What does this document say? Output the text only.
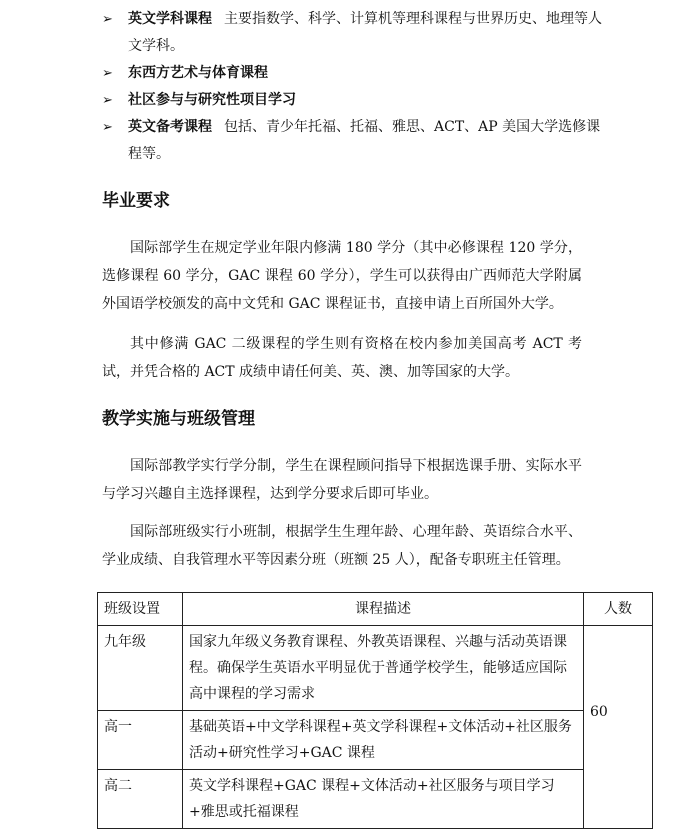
➢ 英文学科课程 主要指数学、科学、计算机等理科课程与世界历史、地理等人文学科。
➢ 东西方艺术与体育课程
➢ 社区参与与研究性项目学习
➢ 英文备考课程 包括、青少年托福、托福、雅思、ACT、AP 美国大学选修课程等。
毕业要求
国际部学生在规定学业年限内修满 180 学分（其中必修课程 120 学分，选修课程 60 学分，GAC 课程 60 学分），学生可以获得由广西师范大学附属外国语学校颁发的高中文凭和 GAC 课程证书，直接申请上百所国外大学。
其中修满 GAC 二级课程的学生则有资格在校内参加美国高考 ACT 考试，并凭合格的 ACT 成绩申请任何美、英、澳、加等国家的大学。
教学实施与班级管理
国际部教学实行学分制，学生在课程顾问指导下根据选课手册、实际水平与学习兴趣自主选择课程，达到学分要求后即可毕业。
国际部班级实行小班制，根据学生生理年龄、心理年龄、英语综合水平、学业成绩、自我管理水平等因素分班（班额 25 人），配备专职班主任管理。
班级设置	课程描述	人数
九年级	国家九年级义务教育课程、外教英语课程、兴趣与活动英语课程。确保学生英语水平明显优于普通学校学生，能够适应国际高中课程的学习需求	60

高一	基础英语+中文学科课程+英文学科课程+文体活动+社区服务活动+研究性学习+GAC 课程	
高二	英文学科课程+GAC 课程+文体活动+社区服务与项目学习+雅思或托福课程	
